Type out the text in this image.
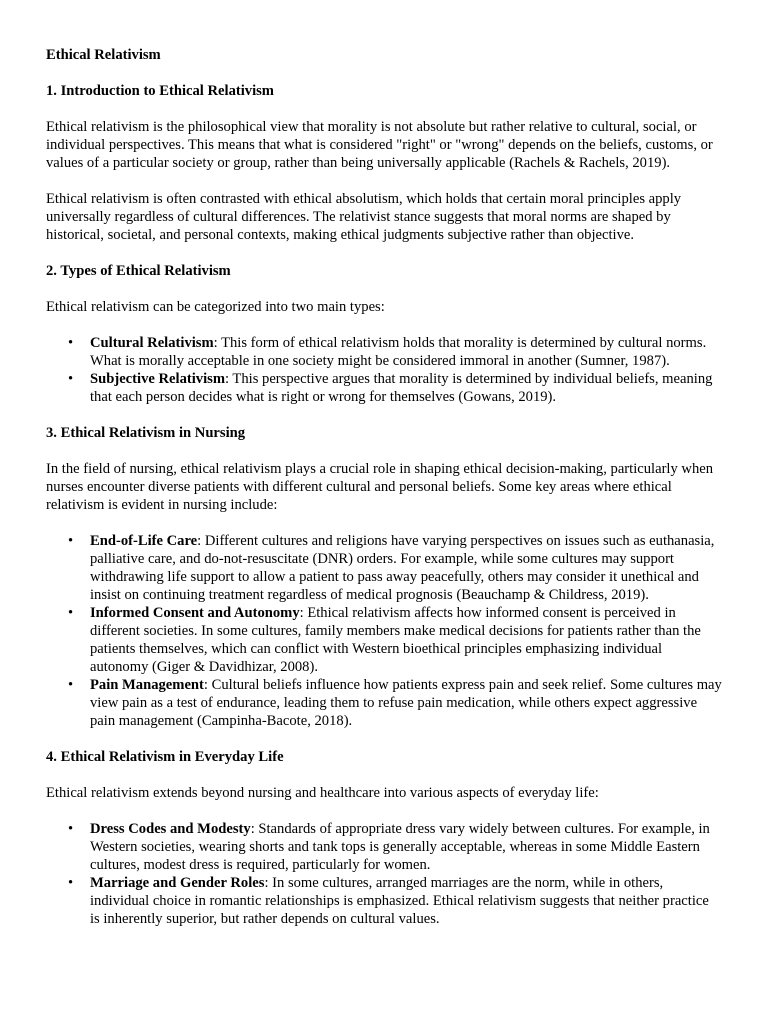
Ethical Relativism
1. Introduction to Ethical Relativism

Ethical relativism is the philosophical view that morality is not absolute but rather relative to cultural, social, or individual perspectives. This means that what is considered "right" or "wrong" depends on the beliefs, customs, or values of a particular society or group, rather than being universally applicable (Rachels & Rachels, 2019).

Ethical relativism is often contrasted with ethical absolutism, which holds that certain moral principles apply universally regardless of cultural differences. The relativist stance suggests that moral norms are shaped by historical, societal, and personal contexts, making ethical judgments subjective rather than objective.

2. Types of Ethical Relativism

Ethical relativism can be categorized into two main types:

• Cultural Relativism: This form of ethical relativism holds that morality is determined by cultural norms. What is morally acceptable in one society might be considered immoral in another (Sumner, 1987).
• Subjective Relativism: This perspective argues that morality is determined by individual beliefs, meaning that each person decides what is right or wrong for themselves (Gowans, 2019).
3. Ethical Relativism in Nursing

In the field of nursing, ethical relativism plays a crucial role in shaping ethical decision-making, particularly when nurses encounter diverse patients with different cultural and personal beliefs. Some key areas where ethical relativism is evident in nursing include:

• End-of-Life Care: Different cultures and religions have varying perspectives on issues such as euthanasia, palliative care, and do-not-resuscitate (DNR) orders. For example, while some cultures may support withdrawing life support to allow a patient to pass away peacefully, others may consider it unethical and insist on continuing treatment regardless of medical prognosis (Beauchamp & Childress, 2019).
• Informed Consent and Autonomy: Ethical relativism affects how informed consent is perceived in different societies. In some cultures, family members make medical decisions for patients rather than the patients themselves, which can conflict with Western bioethical principles emphasizing individual autonomy (Giger & Davidhizar, 2008).
• Pain Management: Cultural beliefs influence how patients express pain and seek relief. Some cultures may view pain as a test of endurance, leading them to refuse pain medication, while others expect aggressive pain management (Campinha-Bacote, 2018).
4. Ethical Relativism in Everyday Life

Ethical relativism extends beyond nursing and healthcare into various aspects of everyday life:

• Dress Codes and Modesty: Standards of appropriate dress vary widely between cultures. For example, in Western societies, wearing shorts and tank tops is generally acceptable, whereas in some Middle Eastern cultures, modest dress is required, particularly for women.
• Marriage and Gender Roles: In some cultures, arranged marriages are the norm, while in others, individual choice in romantic relationships is emphasized. Ethical relativism suggests that neither practice is inherently superior, but rather depends on cultural values.
